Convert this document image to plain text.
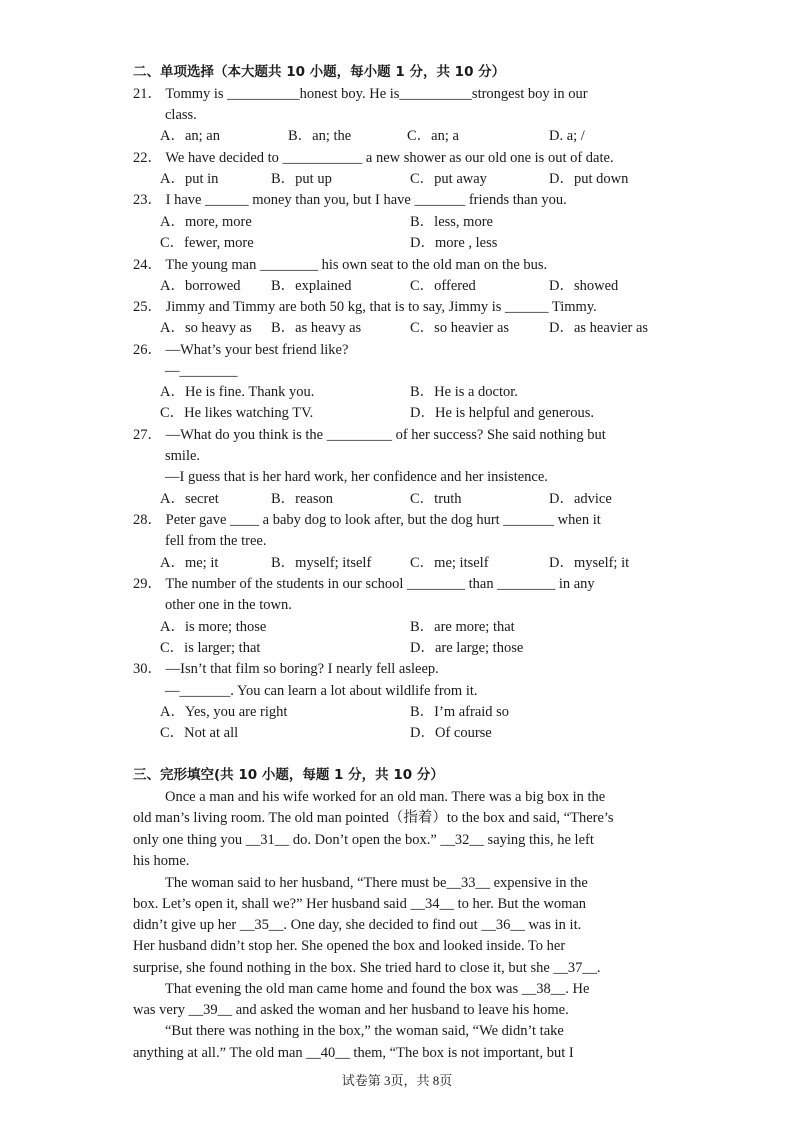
二、单项选择（本大题共 10 小题，每小题 1 分，共 10 分）
21． Tommy is __________honest boy. He is__________strongest boy in our
class.
A．an; an	B．an; the	C．an; a	D. a; /
22． We have decided to ___________ a new shower as our old one is out of date.
A．put in	B．put up	C．put away	D．put down
23． I have ______ money than you, but I have _______ friends than you.
A．more, more	B．less, more
C．fewer, more	D．more , less
24． The young man ________ his own seat to the old man on the bus.
A．borrowed B．explained	C．offered	D．showed
25． Jimmy and Timmy are both 50 kg, that is to say, Jimmy is ______ Timmy.
A．so heavy as B．as heavy as	C．so heavier as	D．as heavier as
26． —What’s your best friend like?
—________
A．He is fine. Thank you.	B．He is a doctor.
C．He likes watching TV.	D．He is helpful and generous.
27． —What do you think is the _________ of her success? She said nothing but
smile.
—I guess that is her hard work, her confidence and her insistence.
A．secret	B．reason	C．truth	D．advice
28． Peter gave ____ a baby dog to look after, but the dog hurt _______ when it
fell from the tree.
A．me; it	B．myself; itself	C．me; itself	D．myself; it
29． The number of the students in our school ________ than ________ in any
other one in the town.
A．is more; those	B．are more; that
C．is larger; that	D．are large; those
30． —Isn’t that film so boring? I nearly fell asleep.
—_______. You can learn a lot about wildlife from it.
A．Yes, you are right	B．I’m afraid so
C．Not at all	D．Of course
三、完形填空(共 10 小题，每题 1 分，共 10 分）
Once a man and his wife worked for an old man. There was a big box in the
old man’s living room. The old man pointed（指着）to the box and said, “There’s
only one thing you __31__ do. Don’t open the box.” __32__ saying this, he left
his home.
The woman said to her husband, “There must be__33__ expensive in the
box. Let’s open it, shall we?” Her husband said __34__ to her. But the woman
didn’t give up her __35__. One day, she decided to find out __36__ was in it.
Her husband didn’t stop her. She opened the box and looked inside. To her
surprise, she found nothing in the box. She tried hard to close it, but she __37__.
That evening the old man came home and found the box was __38__. He
was very __39__ and asked the woman and her husband to leave his home.
“But there was nothing in the box,” the woman said, “We didn’t take
anything at all.” The old man __40__ them, “The box is not important, but I
试卷第 3页，共 8页
